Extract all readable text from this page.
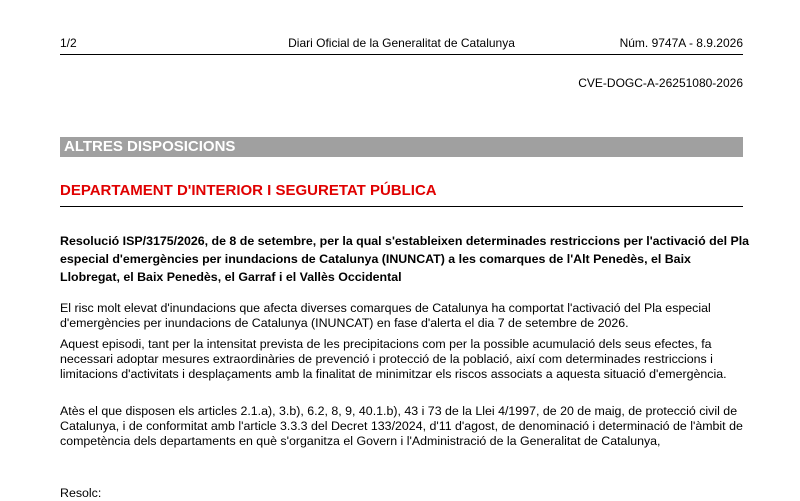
1/2	Diari Oficial de la Generalitat de Catalunya	Núm. 9747A - 8.9.2026
CVE-DOGC-A-26251080-2026
ALTRES DISPOSICIONS
DEPARTAMENT D'INTERIOR I SEGURETAT PÚBLICA
Resolució ISP/3175/2026, de 8 de setembre, per la qual s'estableixen determinades restriccions per l'activació del Pla especial d'emergències per inundacions de Catalunya (INUNCAT) a les comarques de l'Alt Penedès, el Baix Llobregat, el Baix Penedès, el Garraf i el Vallès Occidental
El risc molt elevat d'inundacions que afecta diverses comarques de Catalunya ha comportat l'activació del Pla especial d'emergències per inundacions de Catalunya (INUNCAT) en fase d'alerta el dia 7 de setembre de 2026.
Aquest episodi, tant per la intensitat prevista de les precipitacions com per la possible acumulació dels seus efectes, fa necessari adoptar mesures extraordinàries de prevenció i protecció de la població, així com determinades restriccions i limitacions d'activitats i desplaçaments amb la finalitat de minimitzar els riscos associats a aquesta situació d'emergència.
Atès el que disposen els articles 2.1.a), 3.b), 6.2, 8, 9, 40.1.b), 43 i 73 de la Llei 4/1997, de 20 de maig, de protecció civil de Catalunya, i de conformitat amb l'article 3.3.3 del Decret 133/2024, d'11 d'agost, de denominació i determinació de l'àmbit de competència dels departaments en què s'organitza el Govern i l'Administració de la Generalitat de Catalunya,
Resolc:
